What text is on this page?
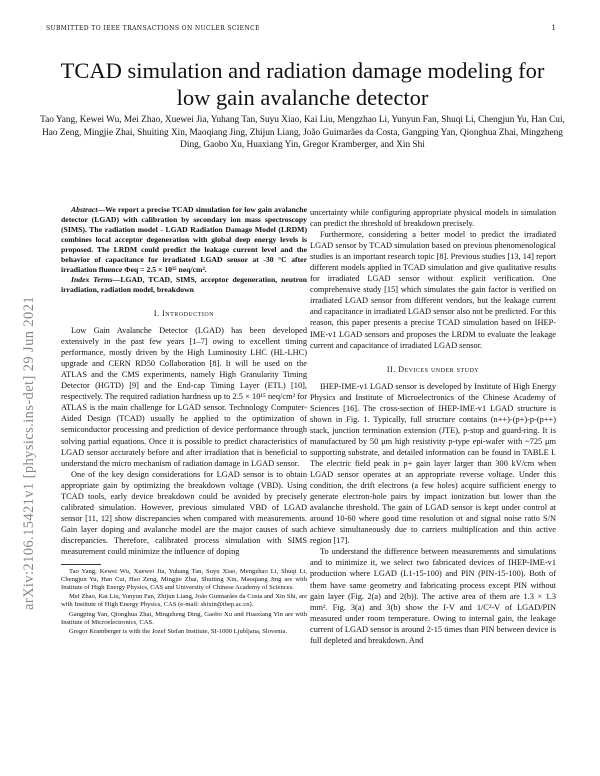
SUBMITTED TO IEEE TRANSACTIONS ON NUCLER SCIENCE	1
arXiv:2106.15421v1 [physics.ins-det] 29 Jun 2021
TCAD simulation and radiation damage modeling for low gain avalanche detector
Tao Yang, Kewei Wu, Mei Zhao, Xuewei Jia, Yuhang Tan, Suyu Xiao, Kai Liu, Mengzhao Li, Yunyun Fan, Shuqi Li, Chengjun Yu, Han Cui, Hao Zeng, Mingjie Zhai, Shuiting Xin, Maoqiang Jing, Zhijun Liang, João Guimarães da Costa, Gangping Yan, Qionghua Zhai, Mingzheng Ding, Gaobo Xu, Huaxiang Yin, Gregor Kramberger, and Xin Shi

Abstract—We report a precise TCAD simulation for low gain avalanche detector (LGAD) with calibration by secondary ion mass spectroscopy (SIMS). The radiation model - LGAD Radiation Damage Model (LRDM) combines local acceptor degeneration with global deep energy levels is proposed. The LRDM could predict the leakage current level and the behavior of capacitance for irradiated LGAD sensor at -30 °C after irradiation fluence Φeq = 2.5 × 10¹⁵ neq/cm².

Index Terms—LGAD, TCAD, SIMS, acceptor degeneration, neutron irradiation, radiation model, breakdown

I. Introduction

Low Gain Avalanche Detector (LGAD) has been developed extensively in the past few years [1–7] owing to excellent timing performance, mostly driven by the High Luminosity LHC (HL-LHC) upgrade and CERN RD50 Collaboration [8]. It will be used on the ATLAS and the CMS experiments, namely High Granularity Timing Detector (HGTD) [9] and the End-cap Timing Layer (ETL) [10], respectively. The required radiation hardness up to 2.5 × 10¹⁵ neq/cm² for ATLAS is the main challenge for LGAD sensor. Technology Computer-Aided Design (TCAD) usually be applied to the optimization of semiconductor processing and prediction of device performance through solving partial equations. Once it is possible to predict characteristics of LGAD sensor accurately before and after irradiation that is beneficial to understand the micro mechanism of radiation damage in LGAD sensor.

One of the key design considerations for LGAD sensor is to obtain appropriate gain by optimizing the breakdown voltage (VBD). Using TCAD tools, early device breakdown could be avoided by precisely calibrated simulation. However, previous simulated VBD of LGAD sensor [11, 12] show discrepancies when compared with measurements. Gain layer doping and avalanche model are the major causes of such discrepancies. Therefore, calibrated process simulation with SIMS measurement could minimize the influence of doping

Tao Yang, Kewei Wu, Xuewei Jia, Yuhang Tan, Suyu Xiao, Mengzhao Li, Shuqi Li, Chengjun Yu, Han Cui, Hao Zeng, Mingjie Zhai, Shuiting Xin, Maoqiang Jing are with Institute of High Energy Physics, CAS and University of Chinese Academy of Sciences.

Mei Zhao, Kai Liu, Yunyun Fan, Zhijun Liang, João Guimarães da Costa and Xin Shi, are with Institute of High Energy Physics, CAS (e-mail: shixin@ihep.ac.cn).

Gangping Yan, Qionghua Zhai, Mingzheng Ding, Gaobo Xu and Huaxiang Yin are with Institute of Microelectronics, CAS.

Gregor Kramberger is with the Jozef Stefan Institute, SI-1000 Ljubljana, Slovenia.

uncertainty while configuring appropriate physical models in simulation can predict the threshold of breakdown precisely.

Furthermore, considering a better model to predict the irradiated LGAD sensor by TCAD simulation based on previous phenomenological studies is an important research topic [8]. Previous studies [13, 14] report different models applied in TCAD simulation and give qualitative results for irradiated LGAD sensor without explicit verification. One comprehensive study [15] which simulates the gain factor is verified on irradiated LGAD sensor from different vendors, but the leakage current and capacitance in irradiated LGAD sensor also not be predicted. For this reason, this paper presents a precise TCAD simulation based on IHEP-IME-v1 LGAD sensors and proposes the LRDM to evaluate the leakage current and capacitance of irradiated LGAD sensor.

II. Devices under study

IHEP-IME-v1 LGAD sensor is developed by Institute of High Energy Physics and Institute of Microelectronics of the Chinese Academy of Sciences [16]. The cross-section of IHEP-IME-v1 LGAD structure is shown in Fig. 1. Typically, full structure contains (n++)-(p+)-p-(p++) stack, junction termination extension (JTE), p-stop and guard-ring. It is manufactured by 50 μm high resistivity p-type epi-wafer with ~725 μm supporting substrate, and detailed information can be found in TABLE I. The electric field peak in p+ gain layer larger than 300 kV/cm when LGAD sensor operates at an appropriate reverse voltage. Under this condition, the drift electrons (a few holes) acquire sufficient energy to generate electron-hole pairs by impact ionization but lower than the avalanche threshold. The gain of LGAD sensor is kept under control at around 10-60 where good time resolution σt and signal noise ratio S/N achieve simultaneously due to carriers multiplication and thin active region [17].

To understand the difference between measurements and simulations and to minimize it, we select two fabricated devices of IHEP-IME-v1 production where LGAD (L1-15-100) and PIN (PIN-15-100). Both of them have same geometry and fabricating process except PIN without gain layer (Fig. 2(a) and 2(b)). The active area of them are 1.3 × 1.3 mm². Fig. 3(a) and 3(b) show the I-V and 1/C²-V of LGAD/PIN measured under room temperature. Owing to internal gain, the leakage current of LGAD sensor is around 2-15 times than PIN between device is full depleted and breakdown. And
